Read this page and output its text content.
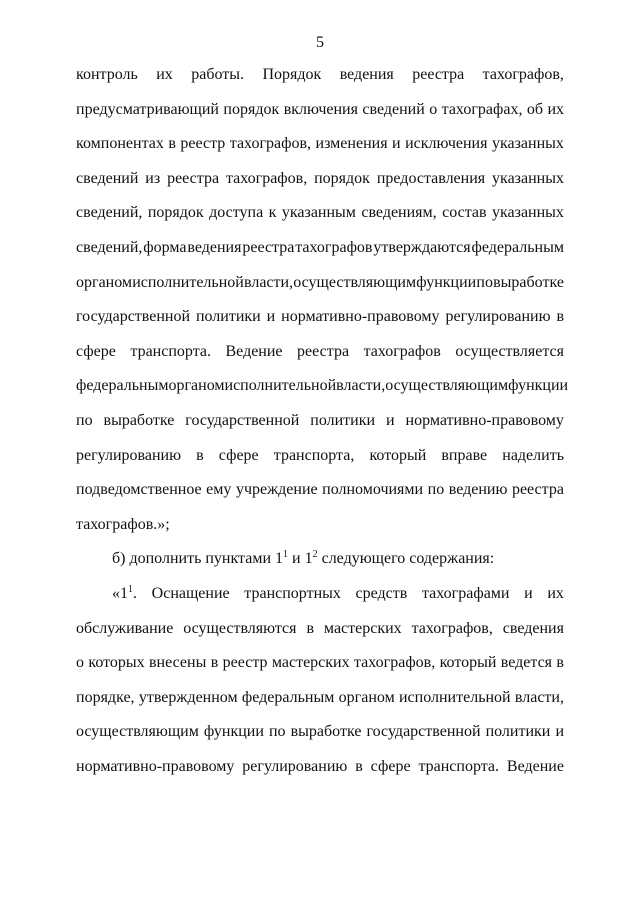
5
контроль их работы. Порядок ведения реестра тахографов,
предусматривающий порядок включения сведений о тахографах, об их
компонентах в реестр тахографов, изменения и исключения указанных
сведений из реестра тахографов, порядок предоставления указанных
сведений, порядок доступа к указанным сведениям, состав указанных
сведений, форма ведения реестра тахографов утверждаются федеральным
органом исполнительной власти, осуществляющим функции по выработке
государственной политики и нормативно-правовому регулированию в
сфере транспорта. Ведение реестра тахографов осуществляется
федеральным органом исполнительной власти, осуществляющим функции
по выработке государственной политики и нормативно-правовому
регулированию в сфере транспорта, который вправе наделить
подведомственное ему учреждение полномочиями по ведению реестра
тахографов.»;
б) дополнить пунктами $1^1$ и $1^2$ следующего содержания:
«$1^1$. Оснащение транспортных средств тахографами и их
обслуживание осуществляются в мастерских тахографов, сведения
о которых внесены в реестр мастерских тахографов, который ведется в
порядке, утвержденном федеральным органом исполнительной власти,
осуществляющим функции по выработке государственной политики и
нормативно-правовому регулированию в сфере транспорта. Ведение
